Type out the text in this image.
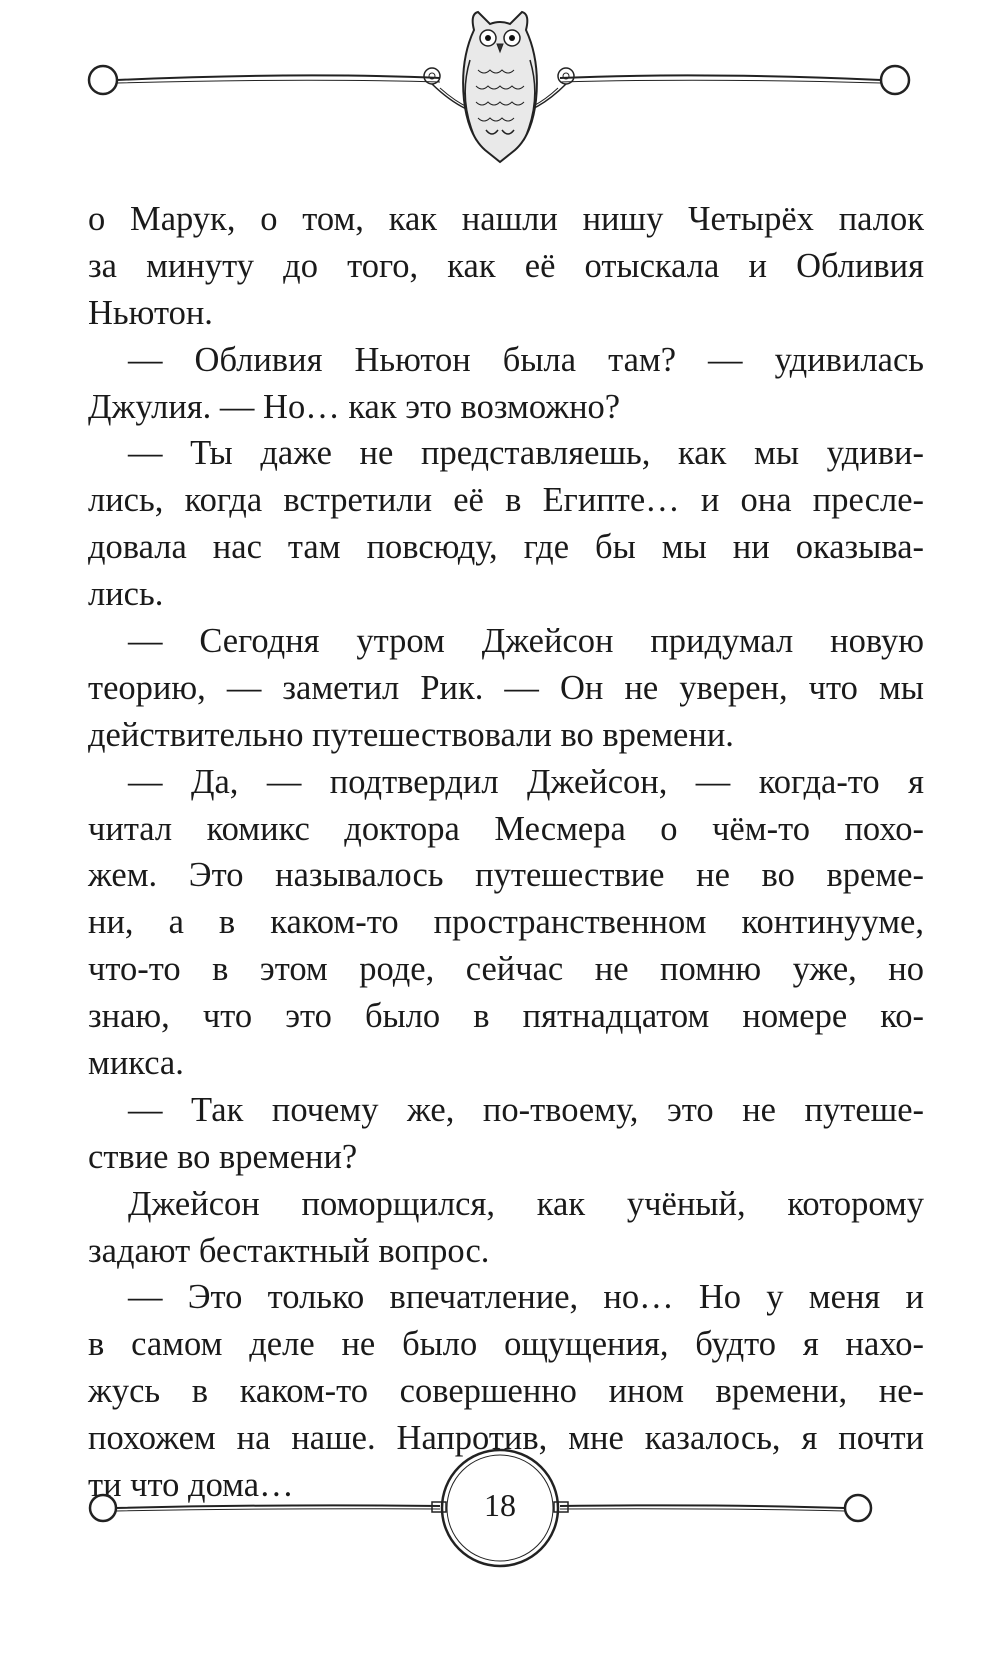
о Марук, о том, как нашли нишу Четырёх палок
за минуту до того, как её отыскала и Обливия
Ньютон.
— Обливия Ньютон была там? — удивилась
Джулия. — Но… как это возможно?
— Ты даже не представляешь, как мы удиви-
лись, когда встретили её в Египте… и она пресле-
довала нас там повсюду, где бы мы ни оказыва-
лись.
— Сегодня утром Джейсон придумал новую
теорию, — заметил Рик. — Он не уверен, что мы
действительно путешествовали во времени.
— Да, — подтвердил Джейсон, — когда-то я
читал комикс доктора Месмера о чём-то похо-
жем. Это называлось путешествие не во време-
ни, а в каком-то пространственном континууме,
что-то в этом роде, сейчас не помню уже, но
знаю, что это было в пятнадцатом номере ко-
микса.
— Так почему же, по-твоему, это не путеше-
ствие во времени?
Джейсон поморщился, как учёный, которому
задают бестактный вопрос.
— Это только впечатление, но… Но у меня и
в самом деле не было ощущения, будто я нахо-
жусь в каком-то совершенно ином времени, не-
похожем на наше. Напротив, мне казалось, я почти
ти что дома…
18
